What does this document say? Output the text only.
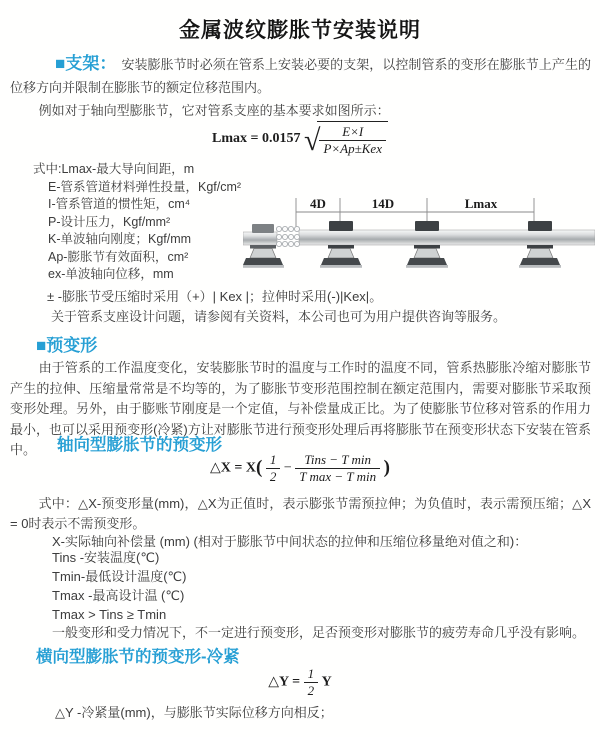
金属波纹膨胀节安装说明
■支架： 安装膨胀节时必须在管系上安装必要的支架，以控制管系的变形在膨胀节上产生的位移方向并限制在膨胀节的额定位移范围内。
例如对于轴向型膨胀节，它对管系支座的基本要求如图所示：
Lmax = 0.0157 √ $\frac{E\times I}{\text{P×Ap±Kex}}$
式中:Lmax-最大导向间距，m
E-管系管道材料弹性投量，Kgf/cm²
I-管系管道的惯性矩，cm⁴
P-设计压力，Kgf/mm²
K-单波轴向刚度；Kgf/mm
Ap-膨胀节有效面积，cm²
ex-单波轴向位移，mm
4D	14D	Lmax
± -膨胀节受压缩时采用（+）| Kex |；拉伸时采用(-)|Kex|。
关于管系支座设计问题，请参阅有关资料，本公司也可为用户提供咨询等服务。
■预变形
由于管系的工作温度变化，安装膨胀节时的温度与工作时的温度不同，管系热膨胀冷缩对膨胀节产生的拉伸、压缩量常常是不均等的，为了膨胀节变形范围控制在额定范围内，需要对膨胀节采取预变形处理。另外，由于膨账节刚度是一个定值，与补偿量成正比。为了使膨胀节位移对管系的作用力最小，也可以采用预变形(冷紧)方让对膨胀节进行预变形处理后再将膨胀节在预变形状态下安装在管系中。	轴向型膨胀节的预变形
△X = $X( \frac{1}{2} - \frac{\text{Tins − T min}}{\text{T max − T min}}$ )
式中：△X-预变形量(mm)，△X为正值时，表示膨张节需预拉伸；为负值时，表示需预压缩；△X = 0时表示不需预变形。
X-实际轴向补偿量 (mm) (相对于膨胀节中间状态的拉伸和压缩位移量绝对值之和)：
Tins -安装温度(℃)
Tmin-最低设计温度(℃)
Tmax -最高设计温 (℃)
Tmax > Tins ≥ Tmin
一般变形和受力情况下，不一定进行预变形，足否预变形对膨胀节的疲劳寿命几乎没有影响。
横向型膨胀节的预变形-冷紧
△Y = $\frac{1}{2}$ Y
△Y -冷紧量(mm)，与膨胀节实际位移方向相反；
